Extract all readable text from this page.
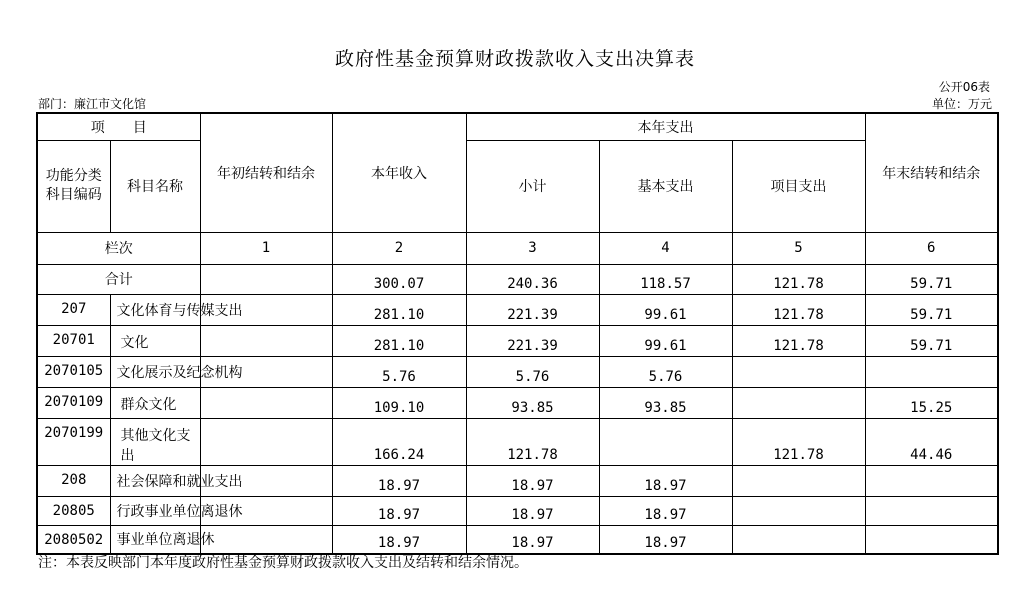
政府性基金预算财政拨款收入支出决算表
公开06表
部门：廉江市文化馆	单位：万元
项　　目		年初结转和结余	本年收入	本年支出			年末结转和结余
功能分类科目编码	科目名称			小计	基本支出	项目支出	
栏次		1	2	3	4	5	6
合计			300.07	240.36	118.57	121.78	59.71
207	文化体育与传媒支出		281.10	221.39	99.61	121.78	59.71
20701	文化		281.10	221.39	99.61	121.78	59.71
2070105	文化展示及纪念机构		5.76	5.76	5.76		
2070109	群众文化		109.10	93.85	93.85		15.25
2070199	其他文化支出		166.24	121.78		121.78	44.46
208	社会保障和就业支出		18.97	18.97	18.97		
20805	行政事业单位离退休		18.97	18.97	18.97		
2080502	事业单位离退休		18.97	18.97	18.97		
注：本表反映部门本年度政府性基金预算财政拨款收入支出及结转和结余情况。
